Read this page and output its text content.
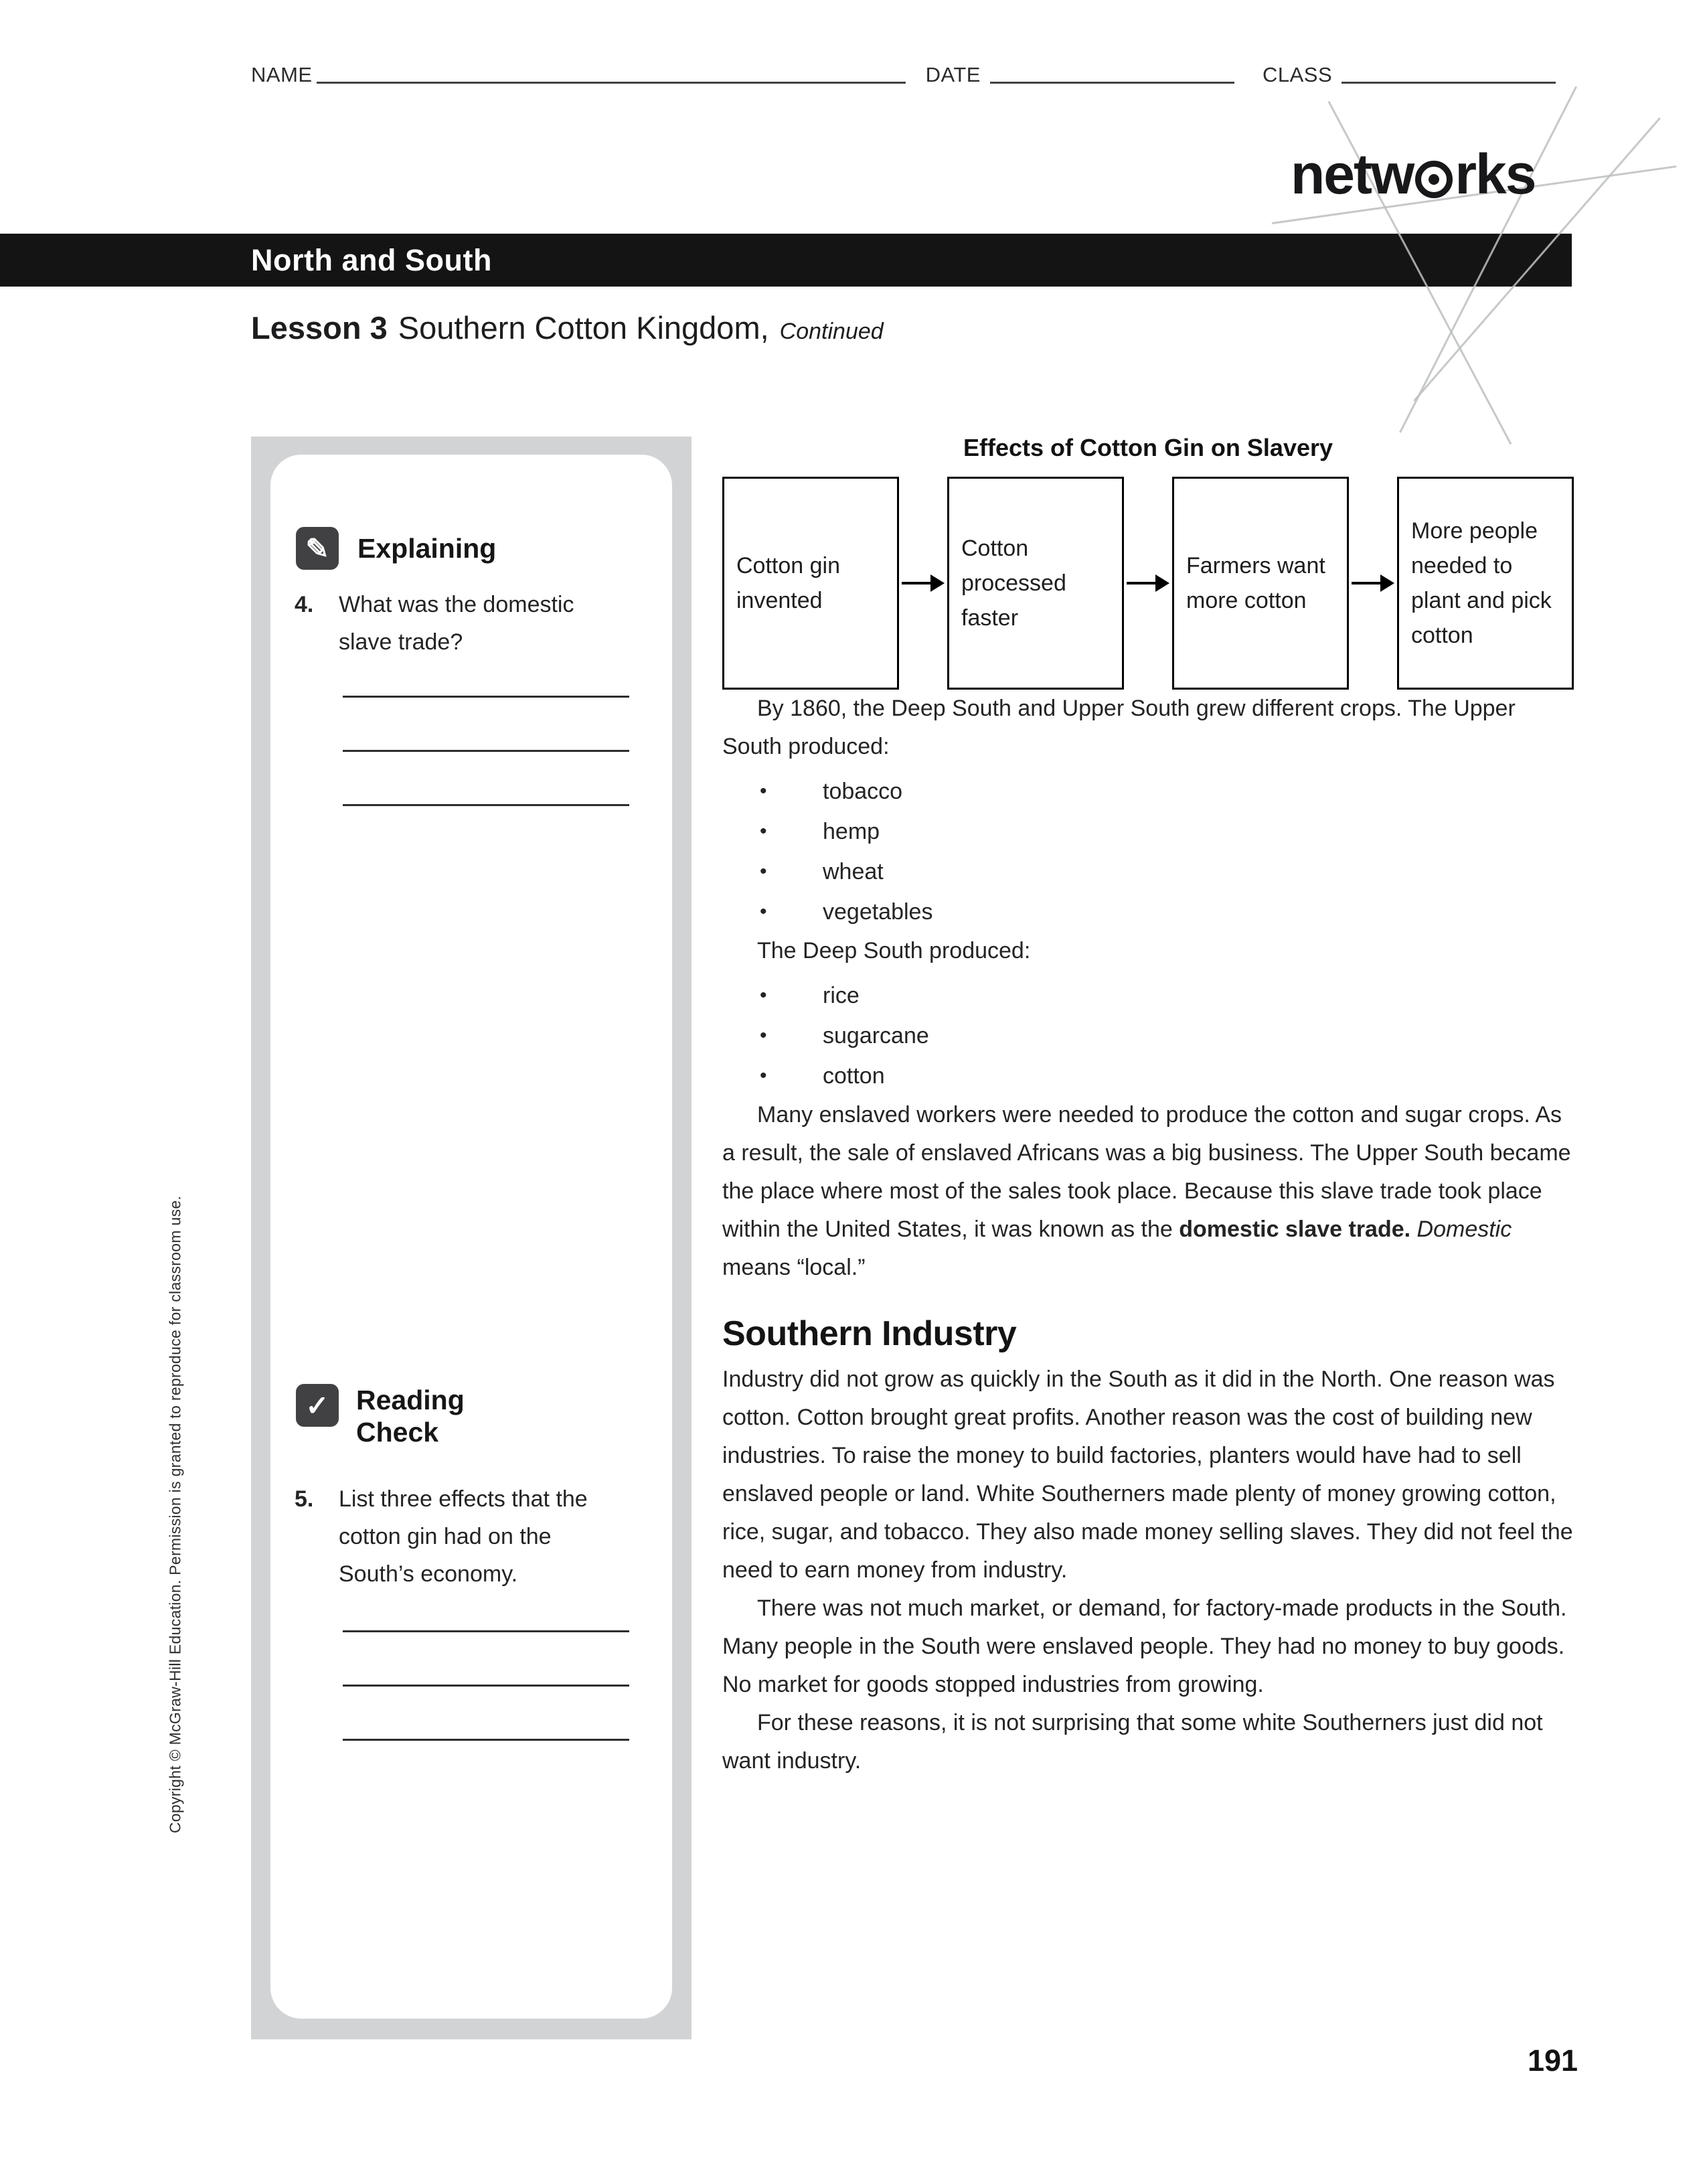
NAME	DATE	CLASS
netw rks
North and South
Lesson 3 Southern Cotton Kingdom, Continued
✎	Explaining
4.	What was the domestic slave trade?
✓ Reading
Check
5.	List three effects that the cotton gin had on the South’s economy.
Copyright © McGraw-Hill Education. Permission is granted to reproduce for classroom use.
Effects of Cotton Gin on Slavery
Cotton gin invented
Cotton processed faster
Farmers want more cotton
More people needed to plant and pick cotton

By 1860, the Deep South and Upper South grew different crops. The Upper South produced:

• tobacco
• hemp
• wheat
• vegetables

The Deep South produced:

• rice
• sugarcane
• cotton

Many enslaved workers were needed to produce the cotton and sugar crops. As a result, the sale of enslaved Africans was a big business. The Upper South became the place where most of the sales took place. Because this slave trade took place within the United States, it was known as the domestic slave trade. Domestic means “local.”

Southern Industry

Industry did not grow as quickly in the South as it did in the North. One reason was cotton. Cotton brought great profits. Another reason was the cost of building new industries. To raise the money to build factories, planters would have had to sell enslaved people or land. White Southerners made plenty of money growing cotton, rice, sugar, and tobacco. They also made money selling slaves. They did not feel the need to earn money from industry.

There was not much market, or demand, for factory-made products in the South. Many people in the South were enslaved people. They had no money to buy goods. No market for goods stopped industries from growing.

For these reasons, it is not surprising that some white Southerners just did not want industry.

191
